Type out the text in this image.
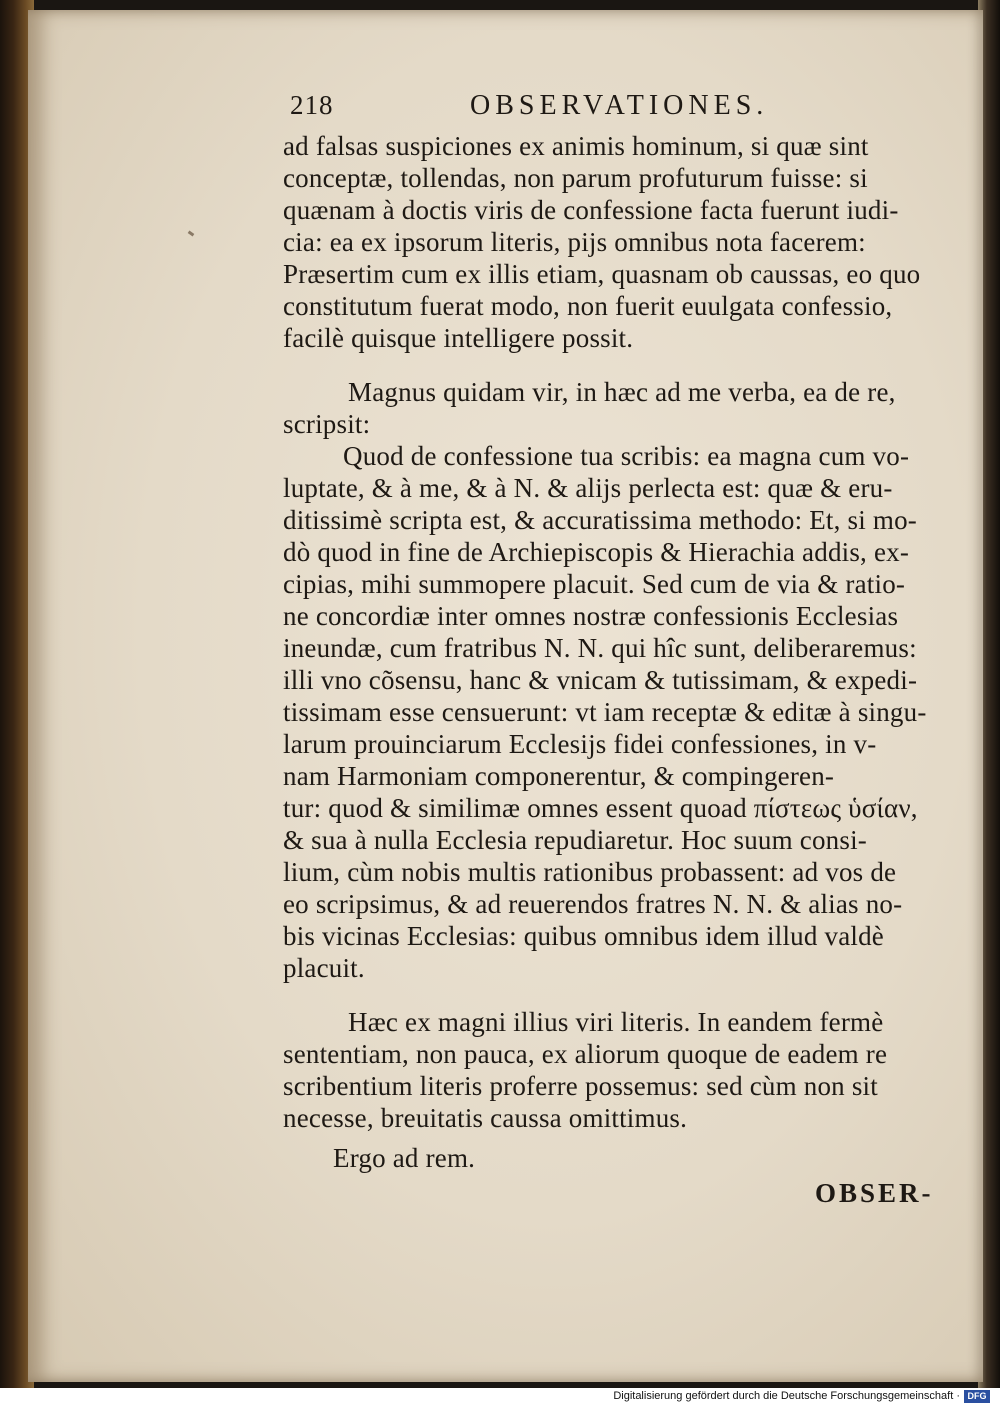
218	OBSERVATIONES.
ad falsas suspiciones ex animis hominum, si quæ sint
conceptæ, tollendas, non parum profuturum fuisse: si
quænam à doctis viris de confessione facta fuerunt iudi-
cia: ea ex ipsorum literis, pijs omnibus nota facerem:
Præsertim cum ex illis etiam, quasnam ob caussas, eo quo
constitutum fuerat modo, non fuerit euulgata confessio,
facilè quisque intelligere possit.
Magnus quidam vir, in hæc ad me verba, ea de re,
scripsit:
Quod de confessione tua scribis: ea magna cum vo-
luptate, & à me, & à N. & alijs perlecta est: quæ & eru-
ditissimè scripta est, & accuratissima methodo: Et, si mo-
dò quod in fine de Archiepiscopis & Hierachia addis, ex-
cipias, mihi summopere placuit. Sed cum de via & ratio-
ne concordiæ inter omnes nostræ confessionis Ecclesias
ineundæ, cum fratribus N. N. qui hîc sunt, deliberaremus:
illi vno cõsensu, hanc & vnicam & tutissimam, & expedi-
tissimam esse censuerunt: vt iam receptæ & editæ à singu-
larum prouinciarum Ecclesijs fidei confessiones, in v-
nam Harmoniam componerentur, & compingeren-
tur: quod & similimæ omnes essent quoad πίστεως ὑσίαν,
& sua à nulla Ecclesia repudiaretur. Hoc suum consi-
lium, cùm nobis multis rationibus probassent: ad vos de
eo scripsimus, & ad reuerendos fratres N. N. & alias no-
bis vicinas Ecclesias: quibus omnibus idem illud valdè
placuit.
Hæc ex magni illius viri literis. In eandem fermè
sententiam, non pauca, ex aliorum quoque de eadem re
scribentium literis proferre possemus: sed cùm non sit
necesse, breuitatis caussa omittimus.
Ergo ad rem.
OBSER-
Digitalisierung gefördert durch die Deutsche Forschungsgemeinschaft · DFG
